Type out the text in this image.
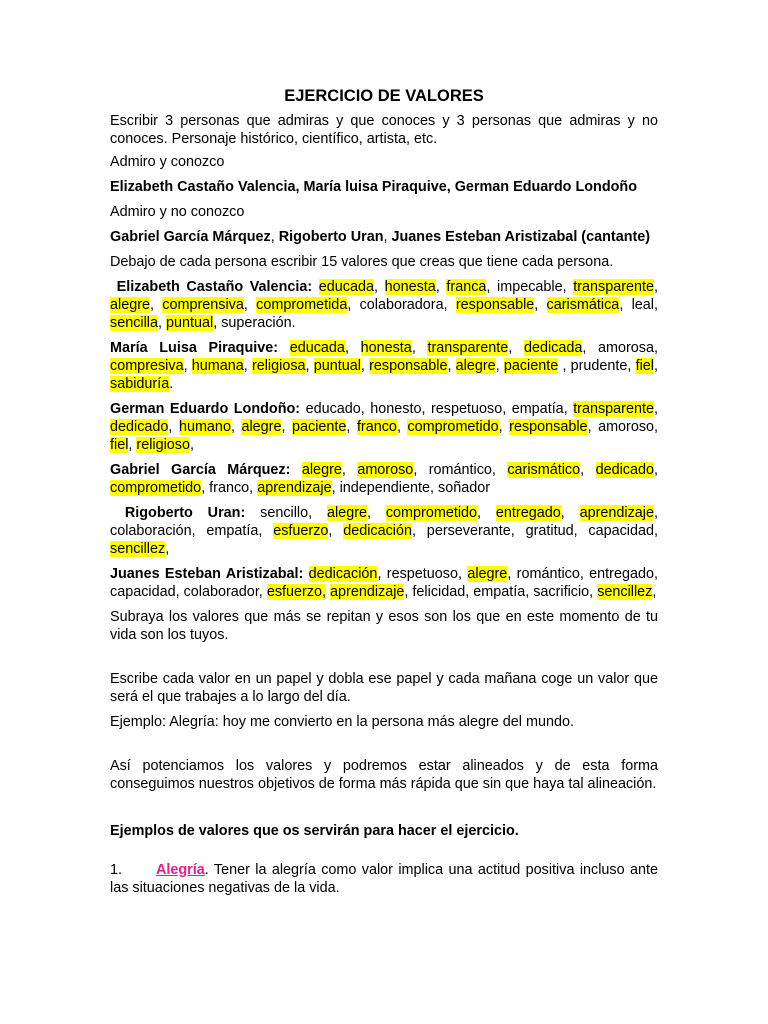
EJERCICIO DE VALORES

Escribir 3 personas que admiras y que conoces y 3 personas que admiras y no conoces. Personaje histórico, científico, artista, etc.

Admiro y conozco

Elizabeth Castaño Valencia, María luisa Piraquive, German Eduardo Londoño

Admiro y no conozco

Gabriel García Márquez, Rigoberto Uran, Juanes Esteban Aristizabal (cantante)

Debajo de cada persona escribir 15 valores que creas que tiene cada persona.

Elizabeth Castaño Valencia: educada, honesta, franca, impecable, transparente, alegre, comprensiva, comprometida, colaboradora, responsable, carismática, leal, sencilla, puntual, superación.

María Luisa Piraquive: educada, honesta, transparente, dedicada, amorosa, compresiva, humana, religiosa, puntual, responsable, alegre, paciente , prudente, fiel, sabiduría.

German Eduardo Londoño: educado, honesto, respetuoso, empatía, transparente, dedicado, humano, alegre, paciente, franco, comprometido, responsable, amoroso, fiel, religioso,

Gabriel García Márquez: alegre, amoroso, romántico, carismático, dedicado, comprometido, franco, aprendizaje, independiente, soñador

Rigoberto Uran: sencillo, alegre, comprometido, entregado, aprendizaje, colaboración, empatía, esfuerzo, dedicación, perseverante, gratitud, capacidad, sencillez,

Juanes Esteban Aristizabal: dedicación, respetuoso, alegre, romántico, entregado, capacidad, colaborador, esfuerzo, aprendizaje, felicidad, empatía, sacrificio, sencillez,

Subraya los valores que más se repitan y esos son los que en este momento de tu vida son los tuyos.

Escribe cada valor en un papel y dobla ese papel y cada mañana coge un valor que será el que trabajes a lo largo del día.

Ejemplo: Alegría: hoy me convierto en la persona más alegre del mundo.

Así potenciamos los valores y podremos estar alineados y de esta forma conseguimos nuestros objetivos de forma más rápida que sin que haya tal alineación.

Ejemplos de valores que os servirán para hacer el ejercicio.

1. Alegría. Tener la alegría como valor implica una actitud positiva incluso ante las situaciones negativas de la vida.
